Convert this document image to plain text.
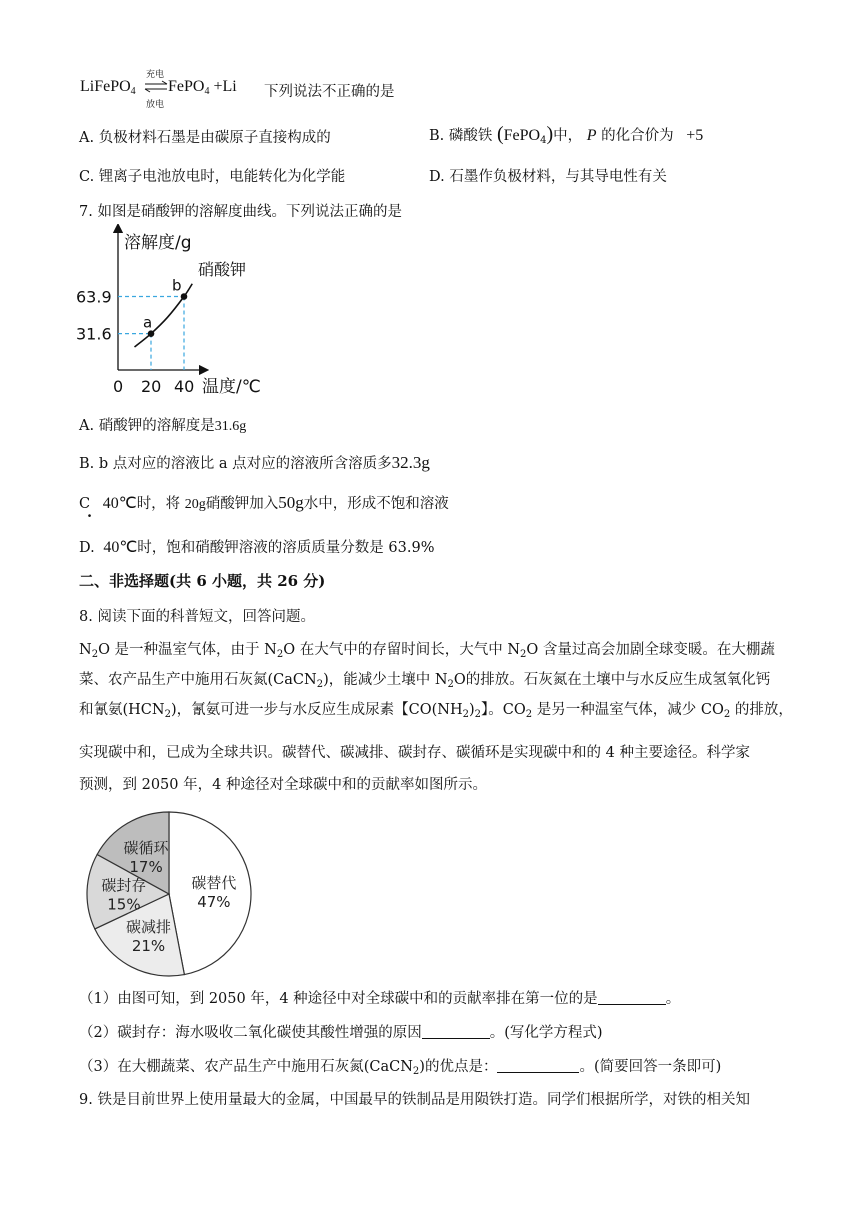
LiFePO$_4$
充电
放电
FePO$_4$ +Li 下列说法不正确的是
A. 负极材料石墨是由碳原子直接构成的	B. 磷酸铁 (FePO$_4$)中， P 的化合价为 +5
C. 锂离子电池放电时，电能转化为化学能	D. 石墨作负极材料，与其导电性有关
7. 如图是硝酸钾的溶解度曲线。下列说法正确的是
溶解度/g
温度/℃
硝酸钾
a
b
31.6
63.9
0 20 40
A. 硝酸钾的溶解度是31.6g
B. b 点对应的溶液比 a 点对应的溶液所含溶质多32.3g
C 40℃时，将 20g硝酸钾加入50g水中，形成不饱和溶液
.
D. 40℃时，饱和硝酸钾溶液的溶质质量分数是 63.9%
二、非选择题(共 6 小题，共 26 分)
8. 阅读下面的科普短文，回答问题。
$N_2O$ 是一种温室气体，由于 $N_2O$ 在大气中的存留时间长，大气中 $N_2O$ 含量过高会加剧全球变暖。在大棚蔬
菜、农产品生产中施用石灰氮(CaCN$_2$)，能减少土壤中 $N_2O$的排放。石灰氮在土壤中与水反应生成氢氧化钙
和氰氨$(HCN_2)$，氰氨可进一步与水反应生成尿素【$CO(NH_2)_2$】。$CO_2$ 是另一种温室气体，减少 $CO_2$ 的排放，
实现碳中和，已成为全球共识。碳替代、碳减排、碳封存、碳循环是实现碳中和的 4 种主要途径。科学家
预测，到 2050 年，4 种途径对全球碳中和的贡献率如图所示。
碳替代
47%
碳减排
21%
碳封存
15%
碳循环
17%
（1）由图可知，到 2050 年，4 种途径中对全球碳中和的贡献率排在第一位的是	。
（2）碳封存：海水吸收二氧化碳使其酸性增强的原因	。(写化学方程式)
（3）在大棚蔬菜、农产品生产中施用石灰氮(CaCN$_2$)的优点是：	。(简要回答一条即可)
9. 铁是目前世界上使用量最大的金属，中国最早的铁制品是用陨铁打造。同学们根据所学，对铁的相关知
